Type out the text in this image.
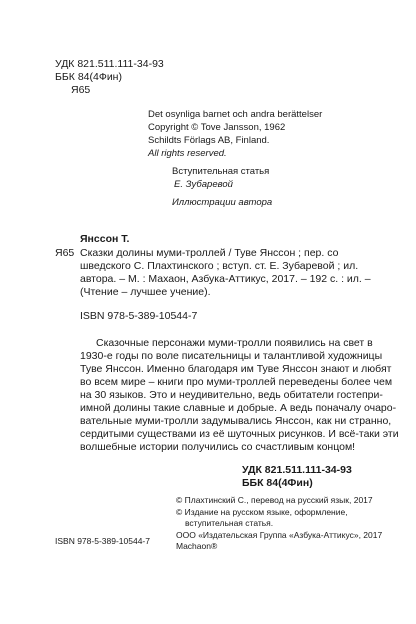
УДК 821.511.111-34-93
ББК 84(4Фин)
Я65
Det osynliga barnet och andra berättelser
Copyright © Tove Jansson, 1962
Schildts Förlags AB, Finland.
All rights reserved.
Вступительная статья
Е. Зубаревой
Иллюстрации автора
Янссон Т.
Я65 Сказки долины муми-троллей / Туве Янссон ; пер. со
шведского С. Плахтинского ; вступ. ст. Е. Зубаревой ; ил.
автора. – М. : Махаон, Азбука-Аттикус, 2017. – 192 с. : ил. –
(Чтение – лучшее учение).
ISBN 978-5-389-10544-7
Сказочные персонажи муми-тролли появились на свет в
1930-е годы по воле писательницы и талантливой художницы
Туве Янссон. Именно благодаря им Туве Янссон знают и любят
во всем мире – книги про муми-троллей переведены более чем
на 30 языков. Это и неудивительно, ведь обитатели гостепри-
имной долины такие славные и добрые. А ведь поначалу очаро-
вательные муми-тролли задумывались Янссон, как ни странно,
сердитыми существами из её шуточных рисунков. И всё-таки эти
волшебные истории получились со счастливым концом!
УДК 821.511.111-34-93
ББК 84(4Фин)
ISBN 978-5-389-10544-7
© Плахтинский С., перевод на русский язык, 2017
© Издание на русском языке, оформление,
вступительная статья.
ООО «Издательская Группа «Азбука-Аттикус», 2017
Machaon®
